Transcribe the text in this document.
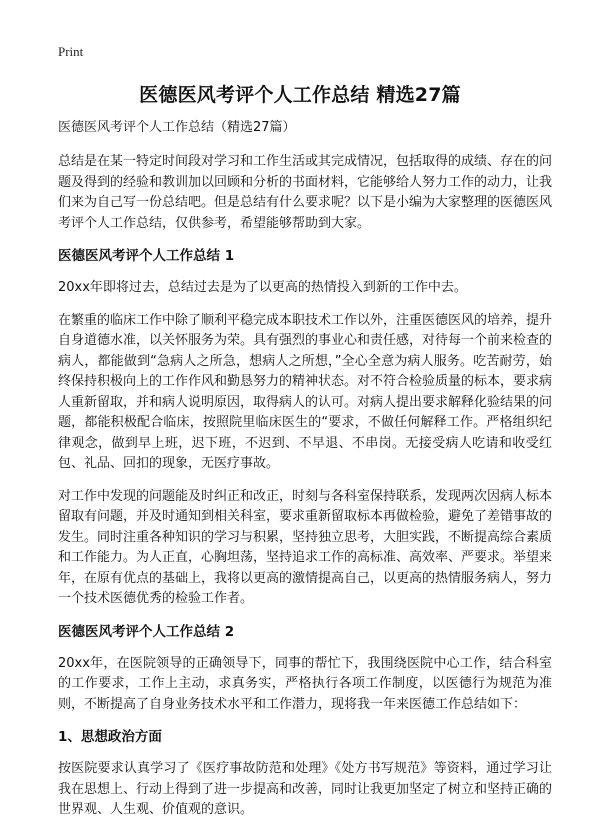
Print
医德医风考评个人工作总结 精选27篇
医德医风考评个人工作总结（精选27篇）

总结是在某一特定时间段对学习和工作生活或其完成情况，包括取得的成绩、存在的问题及得到的经验和教训加以回顾和分析的书面材料，它能够给人努力工作的动力，让我们来为自己写一份总结吧。但是总结有什么要求呢？以下是小编为大家整理的医德医风考评个人工作总结，仅供参考，希望能够帮助到大家。

医德医风考评个人工作总结 1

20xx年即将过去，总结过去是为了以更高的热情投入到新的工作中去。

在繁重的临床工作中除了顺利平稳完成本职技术工作以外，注重医德医风的培养，提升自身道德水准，以关怀服务为荣。具有强烈的事业心和责任感，对待每一个前来检查的病人，都能做到“急病人之所急，想病人之所想，”全心全意为病人服务。吃苦耐劳，始终保持积极向上的工作作风和勤恳努力的精神状态。对不符合检验质量的标本，要求病人重新留取，并和病人说明原因，取得病人的认可。对病人提出要求解释化验结果的问题，都能积极配合临床，按照院里临床医生的“要求，不做任何解释工作。严格组织纪律观念，做到早上班，迟下班，不迟到、不早退、不串岗。无接受病人吃请和收受红包、礼品、回扣的现象，无医疗事故。

对工作中发现的问题能及时纠正和改正，时刻与各科室保持联系，发现两次因病人标本留取有问题，并及时通知到相关科室，要求重新留取标本再做检验，避免了差错事故的发生。同时注重各种知识的学习与积累，坚持独立思考，大胆实践，不断提高综合素质和工作能力。为人正直，心胸坦荡，坚持追求工作的高标准、高效率、严要求。举望来年，在原有优点的基础上，我将以更高的激情提高自己，以更高的热情服务病人，努力一个技术医德优秀的检验工作者。

医德医风考评个人工作总结 2

20xx年，在医院领导的正确领导下，同事的帮忙下，我围绕医院中心工作，结合科室的工作要求，工作上主动，求真务实，严格执行各项工作制度，以医德行为规范为准则，不断提高了自身业务技术水平和工作潜力，现将我一年来医德工作总结如下：

1、思想政治方面

按医院要求认真学习了《医疗事故防范和处理》《处方书写规范》等资料，通过学习让我在思想上、行动上得到了进一步提高和改善，同时让我更加坚定了树立和坚持正确的世界观、人生观、价值观的意识。
